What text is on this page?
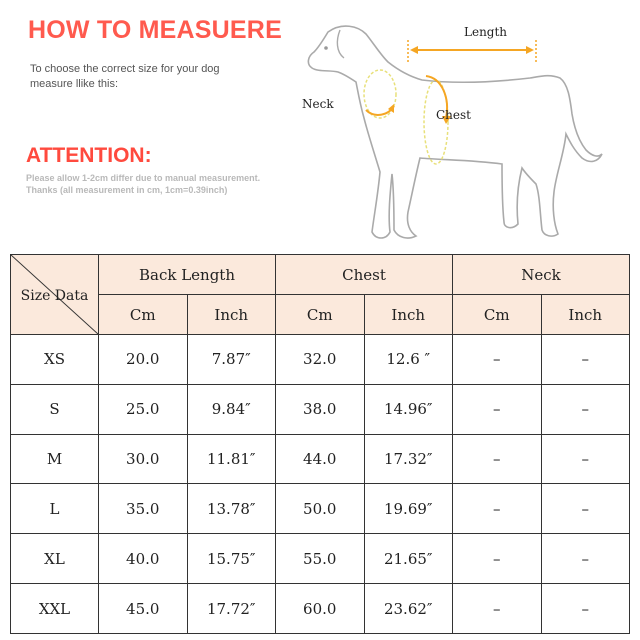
HOW TO MEASUERE
To choose the correct size for your dog measure llike this:
ATTENTION:
Please allow 1-2cm differ due to manual measurement.
Thanks (all measurement in cm, 1cm=0.39inch)
Length
Neck
Chest
Size Data	Back Length		Chest		Neck	
	Cm	Inch	Cm	Inch	Cm	Inch
XS	20.0	7.87″	32.0	12.6 ″	–	–
S	25.0	9.84″	38.0	14.96″	–	–
M	30.0	11.81″	44.0	17.32″	–	–
L	35.0	13.78″	50.0	19.69″	–	–
XL	40.0	15.75″	55.0	21.65″	–	–
XXL	45.0	17.72″	60.0	23.62″	–	–
